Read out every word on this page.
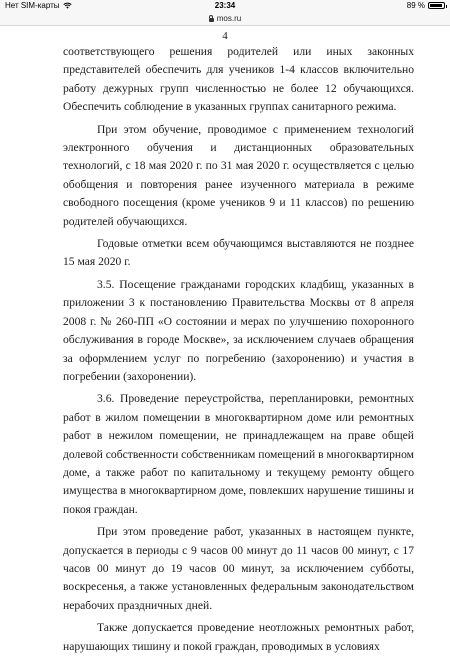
Нет SIM-карты	23:34	89 %
mos.ru
4

соответствующего решения родителей или иных законных представителей обеспечить для учеников 1-4 классов включительно работу дежурных групп численностью не более 12 обучающихся. Обеспечить соблюдение в указанных группах санитарного режима.

При этом обучение, проводимое с применением технологий электронного обучения и дистанционных образовательных технологий, с 18 мая 2020 г. по 31 мая 2020 г. осуществляется с целью обобщения и повторения ранее изученного материала в режиме свободного посещения (кроме учеников 9 и 11 классов) по решению родителей обучающихся.

Годовые отметки всем обучающимся выставляются не позднее 15 мая 2020 г.

3.5. Посещение гражданами городских кладбищ, указанных в приложении 3 к постановлению Правительства Москвы от 8 апреля 2008 г. № 260-ПП «О состоянии и мерах по улучшению похоронного обслуживания в городе Москве», за исключением случаев обращения за оформлением услуг по погребению (захоронению) и участия в погребении (захоронении).

3.6. Проведение переустройства, перепланировки, ремонтных работ в жилом помещении в многоквартирном доме или ремонтных работ в нежилом помещении, не принадлежащем на праве общей долевой собственности собственникам помещений в многоквартирном доме, а также работ по капитальному и текущему ремонту общего имущества в многоквартирном доме, повлекших нарушение тишины и покоя граждан.

При этом проведение работ, указанных в настоящем пункте, допускается в периоды с 9 часов 00 минут до 11 часов 00 минут, с 17 часов 00 минут до 19 часов 00 минут, за исключением субботы, воскресенья, а также установленных федеральным законодательством нерабочих праздничных дней.

Также допускается проведение неотложных ремонтных работ, нарушающих тишину и покой граждан, проводимых в условиях
